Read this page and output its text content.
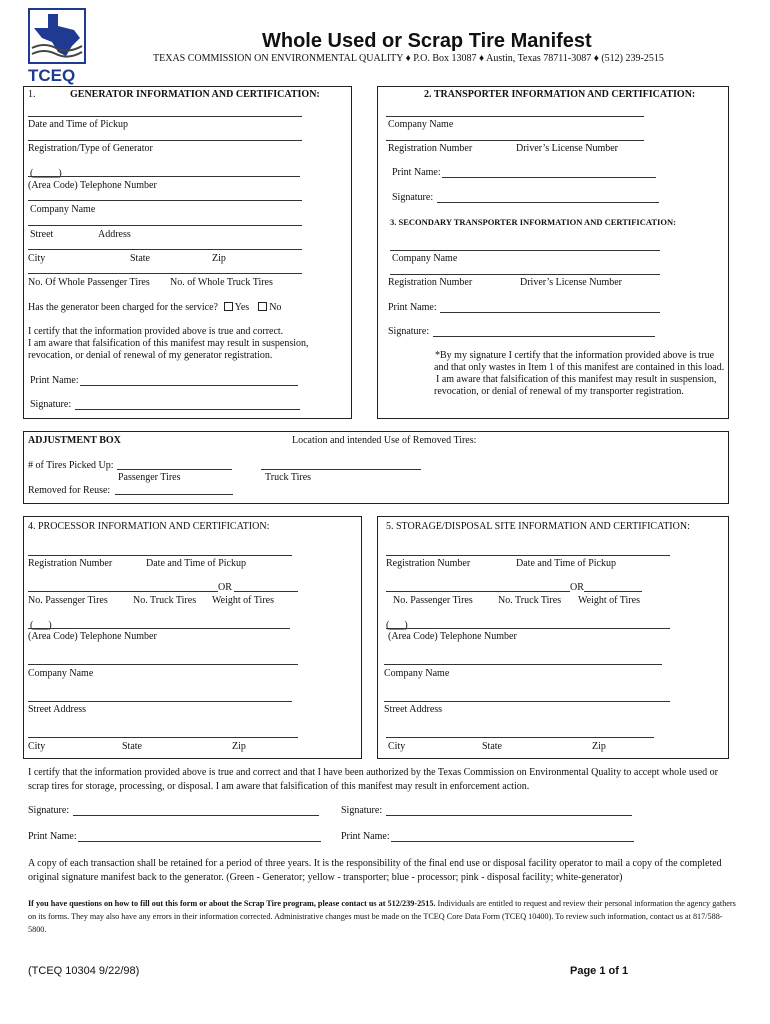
TCEQ
Whole Used or Scrap Tire Manifest
TEXAS COMMISSION ON ENVIRONMENTAL QUALITY ♦ P.O. Box 13087 ♦ Austin, Texas 78711-3087 ♦ (512) 239-2515
1.	GENERATOR INFORMATION AND CERTIFICATION:
Date and Time of Pickup
Registration/Type of Generator
(_____)
(Area Code) Telephone Number
Company Name
Street	Address
City	State	Zip
No. Of Whole Passenger Tires No. of Whole Truck Tires
Has the generator been charged for the service? Yes No
I certify that the information provided above is true and correct.
I am aware that falsification of this manifest may result in suspension,
revocation, or denial of renewal of my generator registration.
Print Name:
Signature:
2. TRANSPORTER INFORMATION AND CERTIFICATION:
Company Name
Registration Number	Driver’s License Number
Print Name:
Signature:
3. SECONDARY TRANSPORTER INFORMATION AND CERTIFICATION:
Company Name
Registration Number	Driver’s License Number
Print Name:
Signature:
*By my signature I certify that the information provided above is true
and that only wastes in Item 1 of this manifest are contained in this load.
I am aware that falsification of this manifest may result in suspension,
revocation, or denial of renewal of my transporter registration.
ADJUSTMENT BOX	Location and intended Use of Removed Tires:
# of Tires Picked Up:
Passenger Tires	Truck Tires
Removed for Reuse:
4. PROCESSOR INFORMATION AND CERTIFICATION:
Registration Number	Date and Time of Pickup
OR
No. Passenger Tires	No. Truck Tires Weight of Tires
(___)
(Area Code) Telephone Number
Company Name
Street Address
City	State	Zip
5. STORAGE/DISPOSAL SITE INFORMATION AND CERTIFICATION:
Registration Number	Date and Time of Pickup
OR
No. Passenger Tires	No. Truck Tires Weight of Tires
(___)
(Area Code) Telephone Number
Company Name
Street Address
City	State	Zip
I certify that the information provided above is true and correct and that I have been authorized by the Texas Commission on Environmental Quality to accept whole used or scrap tires for storage, processing, or disposal. I am aware that falsification of this manifest may result in enforcement action.
Signature:	Signature:
Print Name:	Print Name:
A copy of each transaction shall be retained for a period of three years. It is the responsibility of the final end use or disposal facility operator to mail a copy of the completed original signature manifest back to the generator. (Green - Generator; yellow - transporter; blue - processor; pink - disposal facility; white-generator)
If you have questions on how to fill out this form or about the Scrap Tire program, please contact us at 512/239-2515. Individuals are entitled to request and review their personal information the agency gathers on its forms. They may also have any errors in their information corrected. Administrative changes must be made on the TCEQ Core Data Form (TCEQ 10400). To review such information, contact us at 817/588-5800.
(TCEQ 10304 9/22/98)	Page 1 of 1
